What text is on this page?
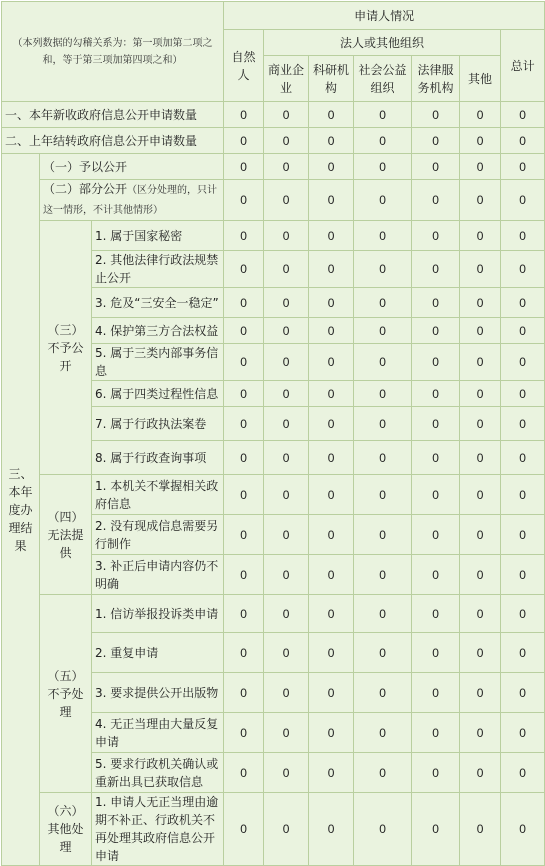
（本列数据的勾稽关系为：第一项加第二项之和，等于第三项加第四项之和）			申请人情况						
			自然人	法人或其他组织					总计
				商业企业	科研机构	社会公益组织	法律服务机构	其他	
一、本年新收政府信息公开申请数量			0	0	0	0	0	0	0
二、上年结转政府信息公开申请数量			0	0	0	0	0	0	0
三、本年度办理结果	（一）予以公开		0	0	0	0	0	0	0
	（二）部分公开（区分处理的，只计这一情形，不计其他情形）		0	0	0	0	0	0	0
	（三）不予公开	1. 属于国家秘密	0	0	0	0	0	0	0
		2. 其他法律行政法规禁止公开	0	0	0	0	0	0	0
		3. 危及“三安全一稳定”	0	0	0	0	0	0	0
		4. 保护第三方合法权益	0	0	0	0	0	0	0
		5. 属于三类内部事务信息	0	0	0	0	0	0	0
		6. 属于四类过程性信息	0	0	0	0	0	0	0
		7. 属于行政执法案卷	0	0	0	0	0	0	0
		8. 属于行政查询事项	0	0	0	0	0	0	0
	（四）无法提供	1. 本机关不掌握相关政府信息	0	0	0	0	0	0	0
		2. 没有现成信息需要另行制作	0	0	0	0	0	0	0
		3. 补正后申请内容仍不明确	0	0	0	0	0	0	0
	（五）不予处理	1. 信访举报投诉类申请	0	0	0	0	0	0	0
		2. 重复申请	0	0	0	0	0	0	0
		3. 要求提供公开出版物	0	0	0	0	0	0	0
		4. 无正当理由大量反复申请	0	0	0	0	0	0	0
		5. 要求行政机关确认或重新出具已获取信息	0	0	0	0	0	0	0
	（六）其他处理	1. 申请人无正当理由逾期不补正、行政机关不再处理其政府信息公开申请	0	0	0	0	0	0	0
